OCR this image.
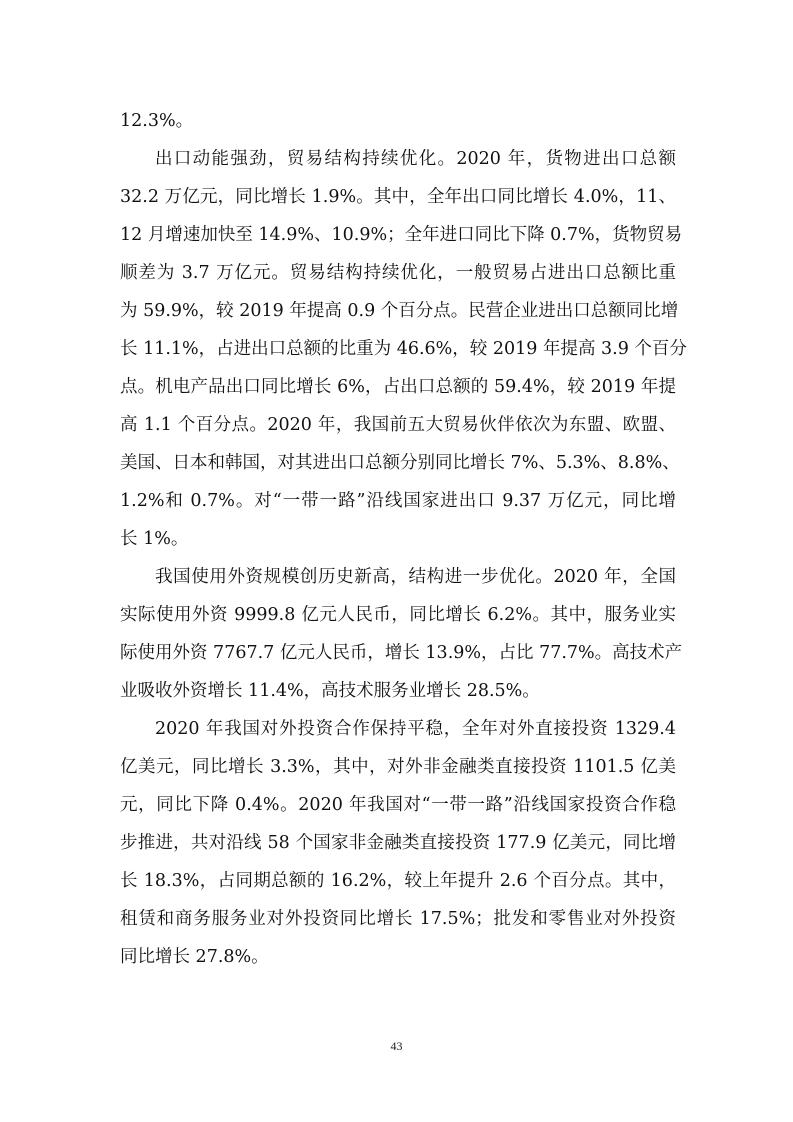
12.3%。
出口动能强劲，贸易结构持续优化。2020 年，货物进出口总额
32.2 万亿元，同比增长 1.9%。其中，全年出口同比增长 4.0%，11、
12 月增速加快至 14.9%、10.9%；全年进口同比下降 0.7%，货物贸易
顺差为 3.7 万亿元。贸易结构持续优化，一般贸易占进出口总额比重
为 59.9%，较 2019 年提高 0.9 个百分点。民营企业进出口总额同比增
长 11.1%，占进出口总额的比重为 46.6%，较 2019 年提高 3.9 个百分
点。机电产品出口同比增长 6%，占出口总额的 59.4%，较 2019 年提
高 1.1 个百分点。2020 年，我国前五大贸易伙伴依次为东盟、欧盟、
美国、日本和韩国，对其进出口总额分别同比增长 7%、5.3%、8.8%、
1.2%和 0.7%。对“一带一路”沿线国家进出口 9.37 万亿元，同比增
长 1%。
我国使用外资规模创历史新高，结构进一步优化。2020 年，全国
实际使用外资 9999.8 亿元人民币，同比增长 6.2%。其中，服务业实
际使用外资 7767.7 亿元人民币，增长 13.9%，占比 77.7%。高技术产
业吸收外资增长 11.4%，高技术服务业增长 28.5%。
2020 年我国对外投资合作保持平稳，全年对外直接投资 1329.4
亿美元，同比增长 3.3%，其中，对外非金融类直接投资 1101.5 亿美
元，同比下降 0.4%。2020 年我国对“一带一路”沿线国家投资合作稳
步推进，共对沿线 58 个国家非金融类直接投资 177.9 亿美元，同比增
长 18.3%，占同期总额的 16.2%，较上年提升 2.6 个百分点。其中，
租赁和商务服务业对外投资同比增长 17.5%；批发和零售业对外投资
同比增长 27.8%。
43
